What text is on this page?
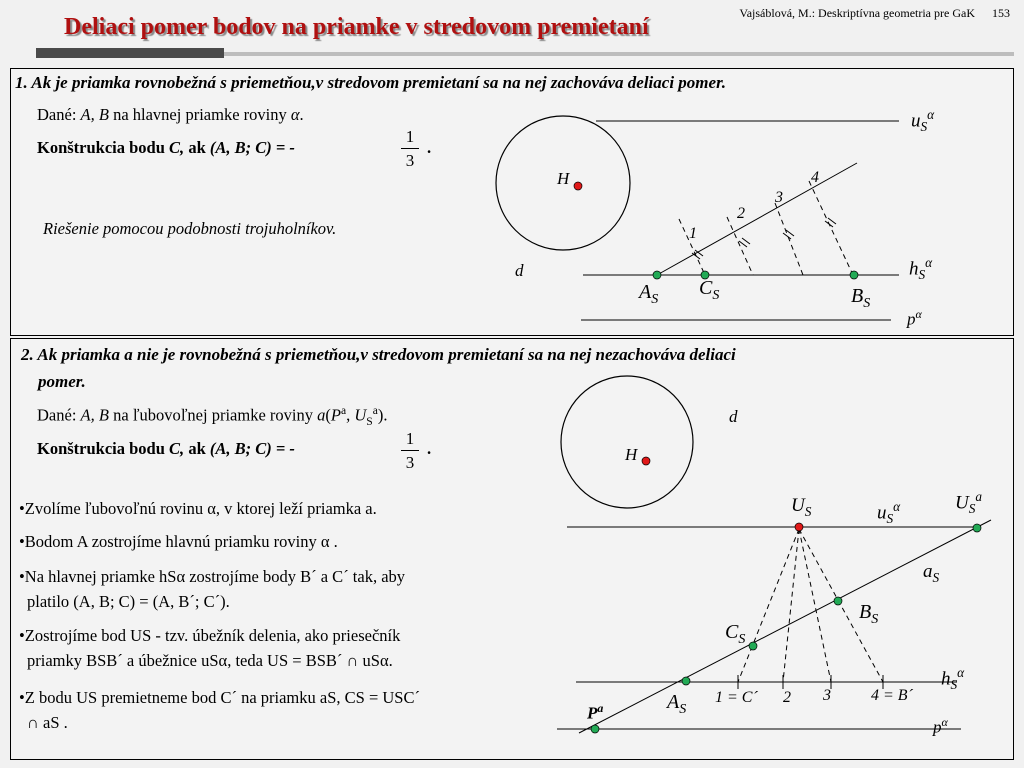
Vajsáblová, M.: Deskriptívna geometria pre GaK 153
Deliaci pomer bodov na priamke v stredovom premietaní
1. Ak je priamka rovnobežná s priemetňou,v stredovom premietaní sa na nej zachováva deliaci pomer.
Dané: A, B na hlavnej priamke roviny α.
Konštrukcia bodu C, ak (A, B; C) = -
1
3
.
Riešenie pomocou podobnosti trojuholníkov.
H
d
1
2
3
4
$A_S$
$C_S$	$B_S$
$u_S^\alpha$
$h_S^\alpha$
$p^\alpha$
2. Ak priamka a nie je rovnobežná s priemetňou,v stredovom premietaní sa na nej nezachováva deliaci
pomer.
Dané: A, B na ľubovoľnej priamke roviny $a(P^a$, $U_S^a$).
Konštrukcia bodu C, ak (A, B; C) = -
1
3
.
•Zvolíme ľubovoľnú rovinu α, v ktorej leží priamka a.
•Bodom A zostrojíme hlavnú priamku roviny α .
•Na hlavnej priamke hSα zostrojíme body B´ a C´ tak, aby
platilo (A, B; C) = (A, B´; C´).
•Zostrojíme bod US - tzv. úbežník delenia, ako priesečník
priamky BSB´ a úbežnice uSα, teda US = BSB´ ∩ uSα.
•Z bodu US premietneme bod C´ na priamku aS, CS = USC´
∩ aS .
H
d
$U_S$	$U_S^a$
$u_S^\alpha$
$a_S$
$B_S$
$C_S$
$h_S^\alpha$
$A_S$
$P^a$
$p^\alpha$
1 = C´ 2 3	4 = B´
